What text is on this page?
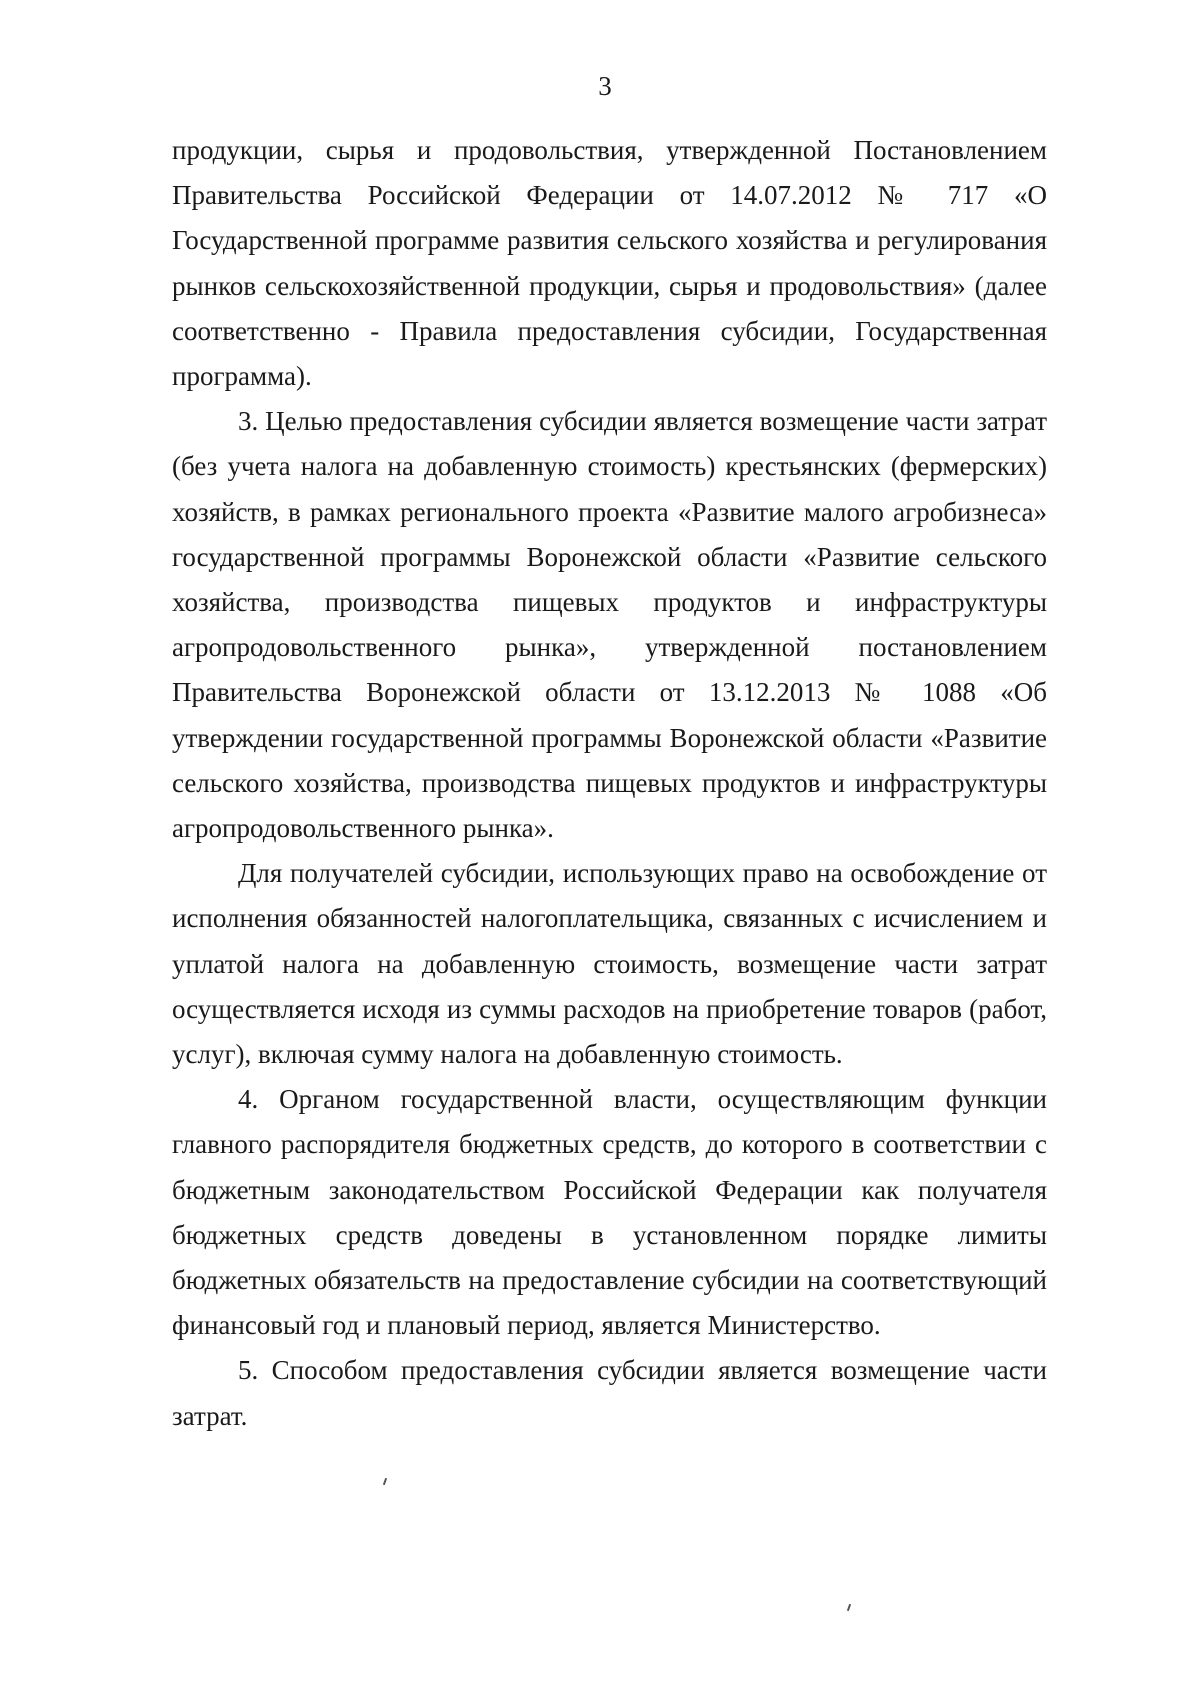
3

продукции, сырья и продовольствия, утвержденной Постановлением Правительства Российской Федерации от 14.07.2012 № 717 «О Государственной программе развития сельского хозяйства и регулирования рынков сельскохозяйственной продукции, сырья и продовольствия» (далее соответственно - Правила предоставления субсидии, Государственная программа).

3. Целью предоставления субсидии является возмещение части затрат (без учета налога на добавленную стоимость) крестьянских (фермерских) хозяйств, в рамках регионального проекта «Развитие малого агробизнеса» государственной программы Воронежской области «Развитие сельского хозяйства, производства пищевых продуктов и инфраструктуры агропродовольственного рынка», утвержденной постановлением Правительства Воронежской области от 13.12.2013 № 1088 «Об утверждении государственной программы Воронежской области «Развитие сельского хозяйства, производства пищевых продуктов и инфраструктуры агропродовольственного рынка».

Для получателей субсидии, использующих право на освобождение от исполнения обязанностей налогоплательщика, связанных с исчислением и уплатой налога на добавленную стоимость, возмещение части затрат осуществляется исходя из суммы расходов на приобретение товаров (работ, услуг), включая сумму налога на добавленную стоимость.

4. Органом государственной власти, осуществляющим функции главного распорядителя бюджетных средств, до которого в соответствии с бюджетным законодательством Российской Федерации как получателя бюджетных средств доведены в установленном порядке лимиты бюджетных обязательств на предоставление субсидии на соответствующий финансовый год и плановый период, является Министерство.

5. Способом предоставления субсидии является возмещение части затрат.
